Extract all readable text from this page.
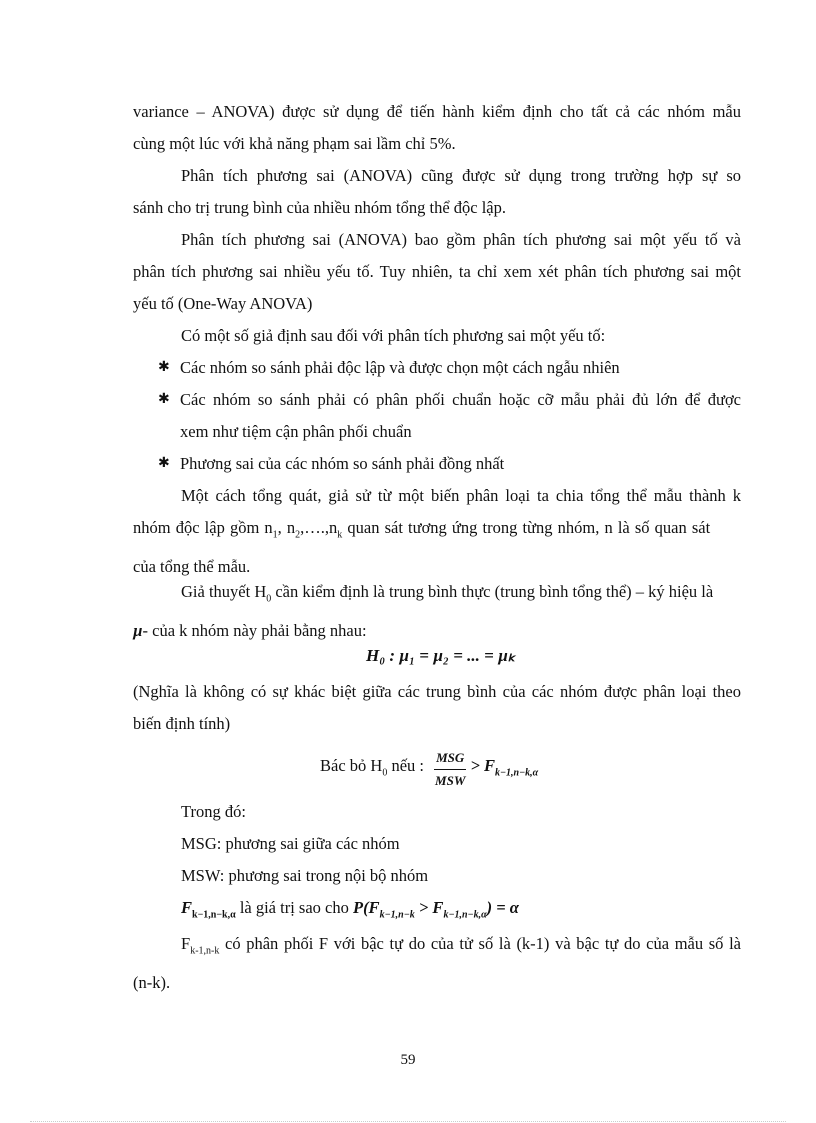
variance – ANOVA) được sử dụng để tiến hành kiểm định cho tất cả các nhóm mẫu
cùng một lúc với khả năng phạm sai lầm chỉ 5%.

Phân tích phương sai (ANOVA) cũng được sử dụng trong trường hợp sự so
sánh cho trị trung bình của nhiều nhóm tổng thể độc lập.

Phân tích phương sai (ANOVA) bao gồm phân tích phương sai một yếu tố và
phân tích phương sai nhiều yếu tố. Tuy nhiên, ta chỉ xem xét phân tích phương sai một
yếu tố (One-Way ANOVA)

Có một số giả định sau đối với phân tích phương sai một yếu tố:

✱ Các nhóm so sánh phải độc lập và được chọn một cách ngẫu nhiên
✱ Các nhóm so sánh phải có phân phối chuẩn hoặc cỡ mẫu phải đủ lớn để được
xem như tiệm cận phân phối chuẩn
✱ Phương sai của các nhóm so sánh phải đồng nhất

Một cách tổng quát, giả sử từ một biến phân loại ta chia tổng thể mẫu thành k
nhóm độc lập gồm $n_1$, $n_2,\dots.,n_k$ quan sát tương ứng trong từng nhóm, n là số quan sát
của tổng thể mẫu.

Giả thuyết $H_0$ cần kiểm định là trung bình thực (trung bình tổng thể) – ký hiệu là
µ- của k nhóm này phải bằng nhau:

H₀ : µ₁ = µ₂ = ... = µₖ

(Nghĩa là không có sự khác biệt giữa các trung bình của các nhóm được phân loại theo
biến định tính)

Bác bỏ $H_0$ nếu : $\frac{\text{MSG}}{\text{MSW}} > F_{k-1,n-k,\alpha}$

Trong đó:
MSG: phương sai giữa các nhóm
MSW: phương sai trong nội bộ nhóm
$F_{k-1,n-k,\alpha}$ là giá trị sao cho $P(F_{k-1,n-k} > F_{k-1,n-k,\alpha}) = \alpha$

$F_{k-1,n-k}$ có phân phối F với bậc tự do của tử số là (k-1) và bậc tự do của mẫu số là
(n-k).

59
